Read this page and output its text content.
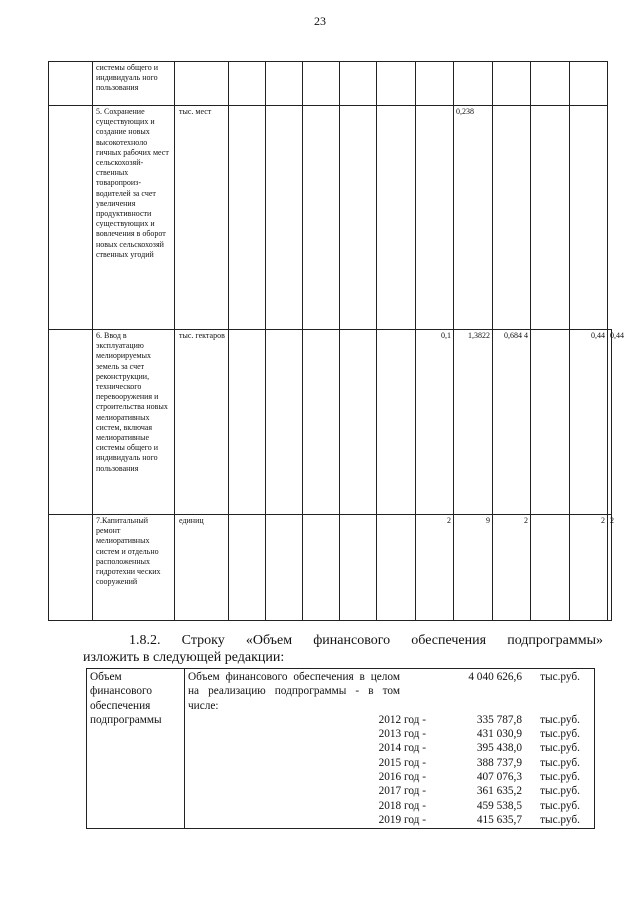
23
	системы общего и индивидуаль ного пользования												
	5. Сохранение существующих и создание новых высокотехноло гичных рабочих мест сельскохозяй- ственных товаропроиз- водителей за счет увеличения продуктивности существующих и вовлечения в оборот новых сельскохозяй ственных угодий	тыс. мест							0,238				
	6. Ввод в эксплуатацию мелиорируемых земель за счет реконструкции, технического перевооружения и строительства новых мелиоративных систем, включая мелиоративные системы общего и индивидуаль ного пользования	тыс. гектаров						0,1	1,3822	0,684 4		0,44	0,44
	7.Капитальный ремонт мелиоративных систем и отдельно расположенных гидротехни ческих сооружений	единиц						2	9	2		2	2
1.8.2. Строку «Объем финансового обеспечения подпрограммы»
изложить в следующей редакции:
Объем финансового обеспечения подпрограммы	
Объем финансового обеспечения в целом на реализацию подпрограммы - в том числе:
4 040 626,6	тыс.руб.
2012 год -	335 787,8	тыс.руб.
2013 год -	431 030,9	тыс.руб.
2014 год -	395 438,0	тыс.руб.
2015 год -	388 737,9	тыс.руб.
2016 год -	407 076,3	тыс.руб.
2017 год -	361 635,2	тыс.руб.
2018 год -	459 538,5	тыс.руб.
2019 год -	415 635,7	тыс.руб.
